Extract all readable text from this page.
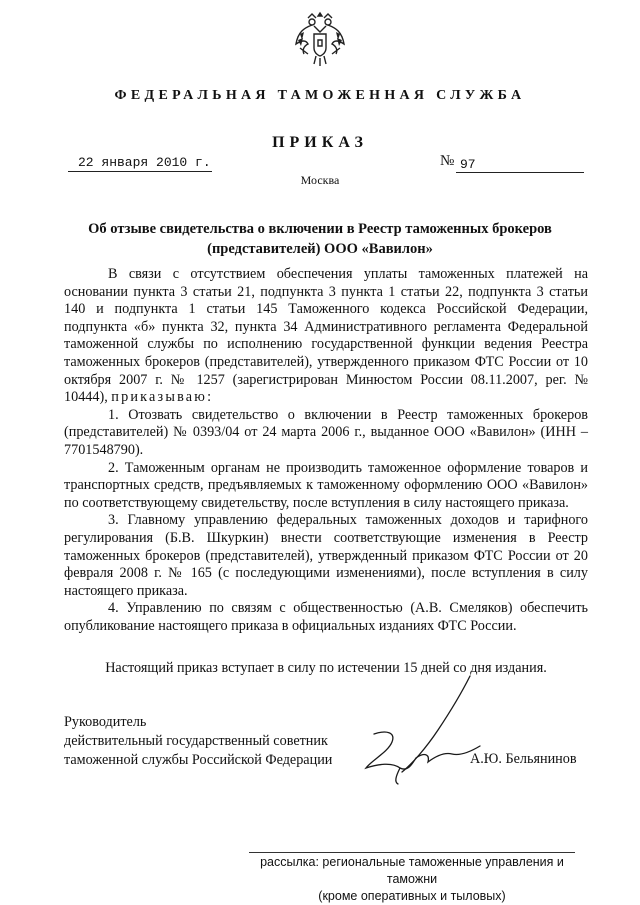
ФЕДЕРАЛЬНАЯ ТАМОЖЕННАЯ СЛУЖБА
ПРИКАЗ
22 января 2010 г.	№ 97
Москва
Об отзыве свидетельства о включении в Реестр таможенных брокеров
(представителей) ООО «Вавилон»

В связи с отсутствием обеспечения уплаты таможенных платежей на основании пункта 3 статьи 21, подпункта 3 пункта 1 статьи 22, подпункта 3 статьи 140 и подпункта 1 статьи 145 Таможенного кодекса Российской Федерации, подпункта «б» пункта 32, пункта 34 Административного регламента Федеральной таможенной службы по исполнению государственной функции ведения Реестра таможенных брокеров (представителей), утвержденного приказом ФТС России от 10 октября 2007 г. № 1257 (зарегистрирован Минюстом России 08.11.2007, рег. № 10444), приказываю:

1. Отозвать свидетельство о включении в Реестр таможенных брокеров (представителей) № 0393/04 от 24 марта 2006 г., выданное ООО «Вавилон» (ИНН – 7701548790).

2. Таможенным органам не производить таможенное оформление товаров и транспортных средств, предъявляемых к таможенному оформлению ООО «Вавилон» по соответствующему свидетельству, после вступления в силу настоящего приказа.

3. Главному управлению федеральных таможенных доходов и тарифного регулирования (Б.В. Шкуркин) внести соответствующие изменения в Реестр таможенных брокеров (представителей), утвержденный приказом ФТС России от 20 февраля 2008 г. № 165 (с последующими изменениями), после вступления в силу настоящего приказа.

4. Управлению по связям с общественностью (А.В. Смеляков) обеспечить опубликование настоящего приказа в официальных изданиях ФТС России.

Настоящий приказ вступает в силу по истечении 15 дней со дня издания.
Руководитель
действительный государственный советник
таможенной службы Российской Федерации	А.Ю. Бельянинов
рассылка: региональные таможенные управления и таможни
(кроме оперативных и тыловых)
